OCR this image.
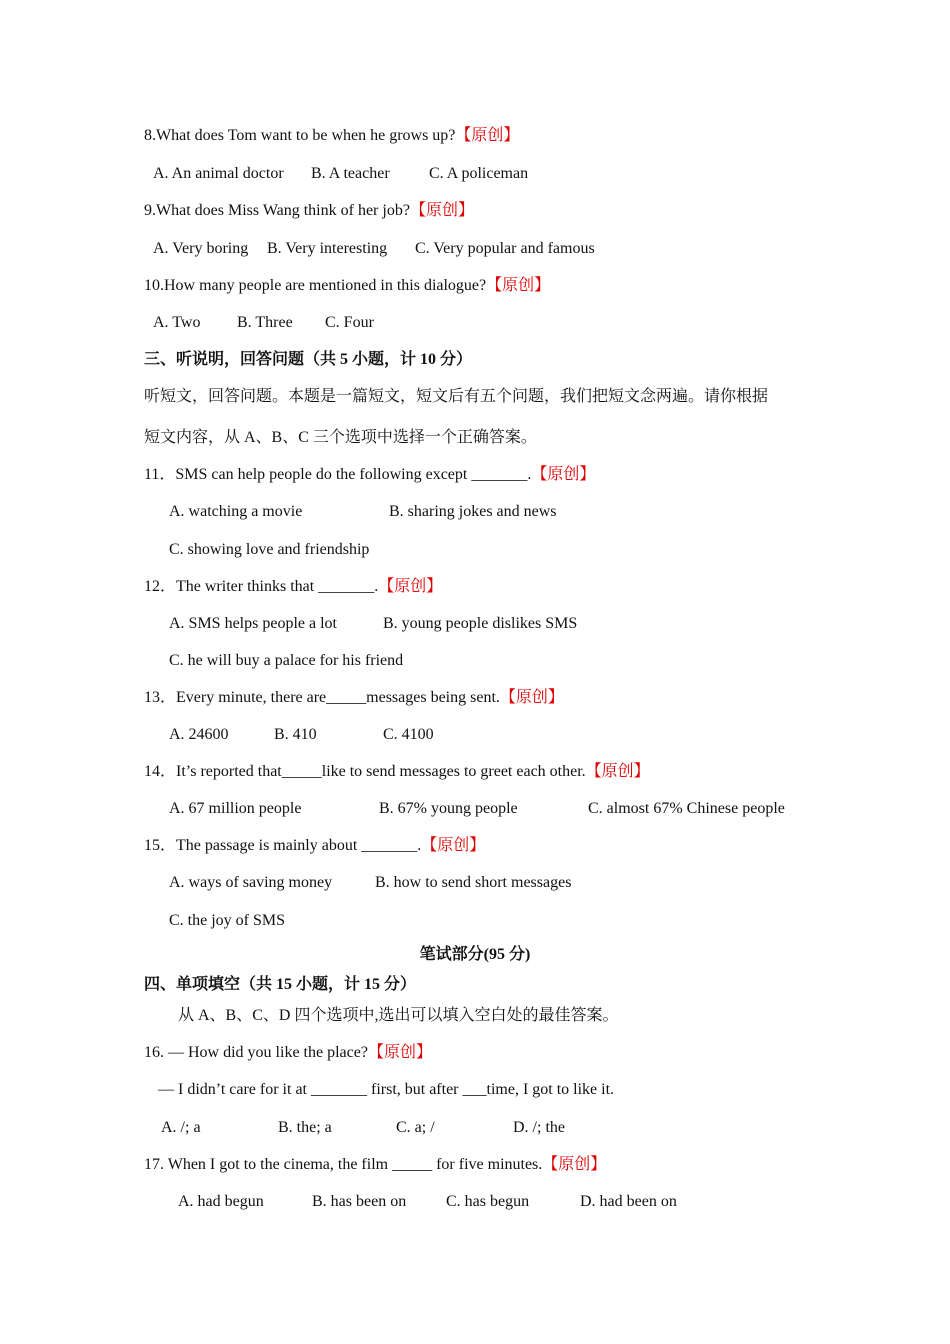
8.What does Tom want to be when he grows up?【原创】
A. An animal doctor B. A teacher C. A policeman
9.What does Miss Wang think of her job?【原创】
A. Very boring B. Very interesting C. Very popular and famous
10.How many people are mentioned in this dialogue?【原创】
A. Two B. Three C. Four
三、听说明，回答问题（共 5 小题，计 10 分）
听短文，回答问题。本题是一篇短文，短文后有五个问题，我们把短文念两遍。请你根据
短文内容，从 A、B、C 三个选项中选择一个正确答案。
11．SMS can help people do the following except _______.【原创】
A. watching a movie	B. sharing jokes and news
C. showing love and friendship
12．The writer thinks that _______.【原创】
A. SMS helps people a lot	B. young people dislikes SMS
C. he will buy a palace for his friend
13．Every minute, there are_____messages being sent.【原创】
A. 24600	B. 410	C. 4100
14．It’s reported that_____like to send messages to greet each other.【原创】
A. 67 million people	B. 67% young people	C. almost 67% Chinese people
15．The passage is mainly about _______.【原创】
A. ways of saving money	B. how to send short messages
C. the joy of SMS
笔试部分(95 分)
四、单项填空（共 15 小题，计 15 分）
从 A、B、C、D 四个选项中,选出可以填入空白处的最佳答案。
16. — How did you like the place?【原创】
— I didn’t care for it at _______ first, but after ___time, I got to like it.
A. /; a	B. the; a	C. a; /	D. /; the
17. When I got to the cinema, the film _____ for five minutes.【原创】
A. had begun	B. has been on C. has begun	D. had been on
